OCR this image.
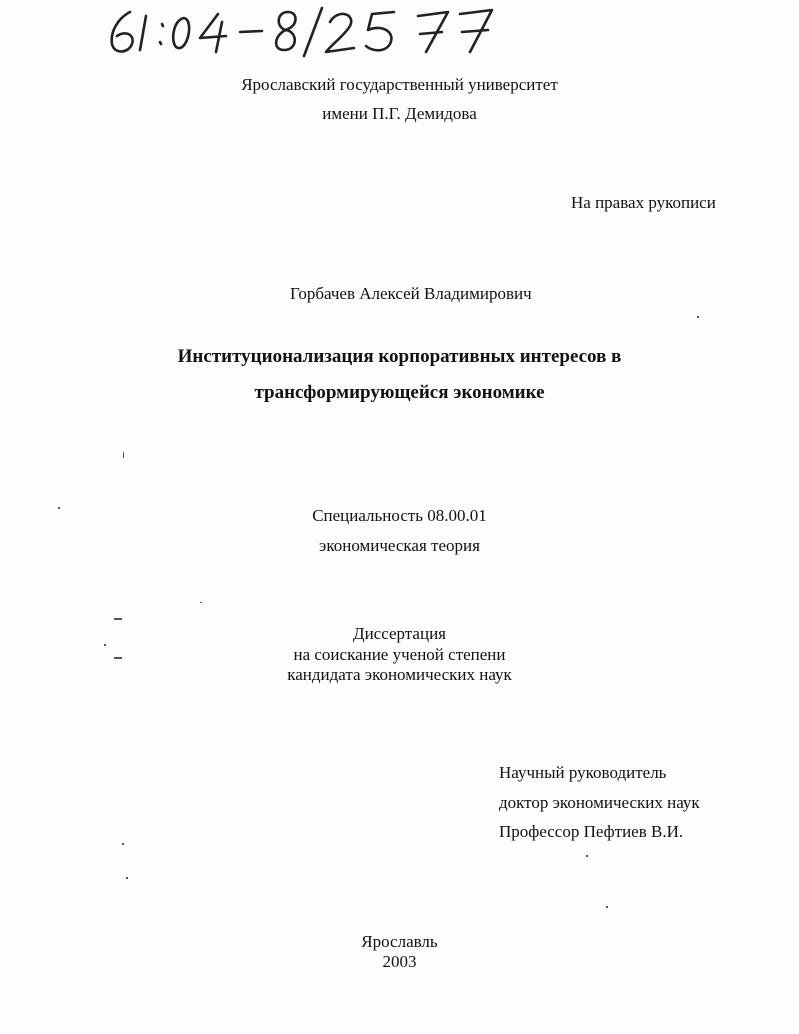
Ярославский государственный университет
имени П.Г. Демидова
На правах рукописи
Горбачев Алексей Владимирович
Институционализация корпоративных интересов в
трансформирующейся экономике
Специальность 08.00.01
экономическая теория
Диссертация
на соискание ученой степени
кандидата экономических наук
Научный руководитель
доктор экономических наук
Профессор Пефтиев В.И.
Ярославль
2003
